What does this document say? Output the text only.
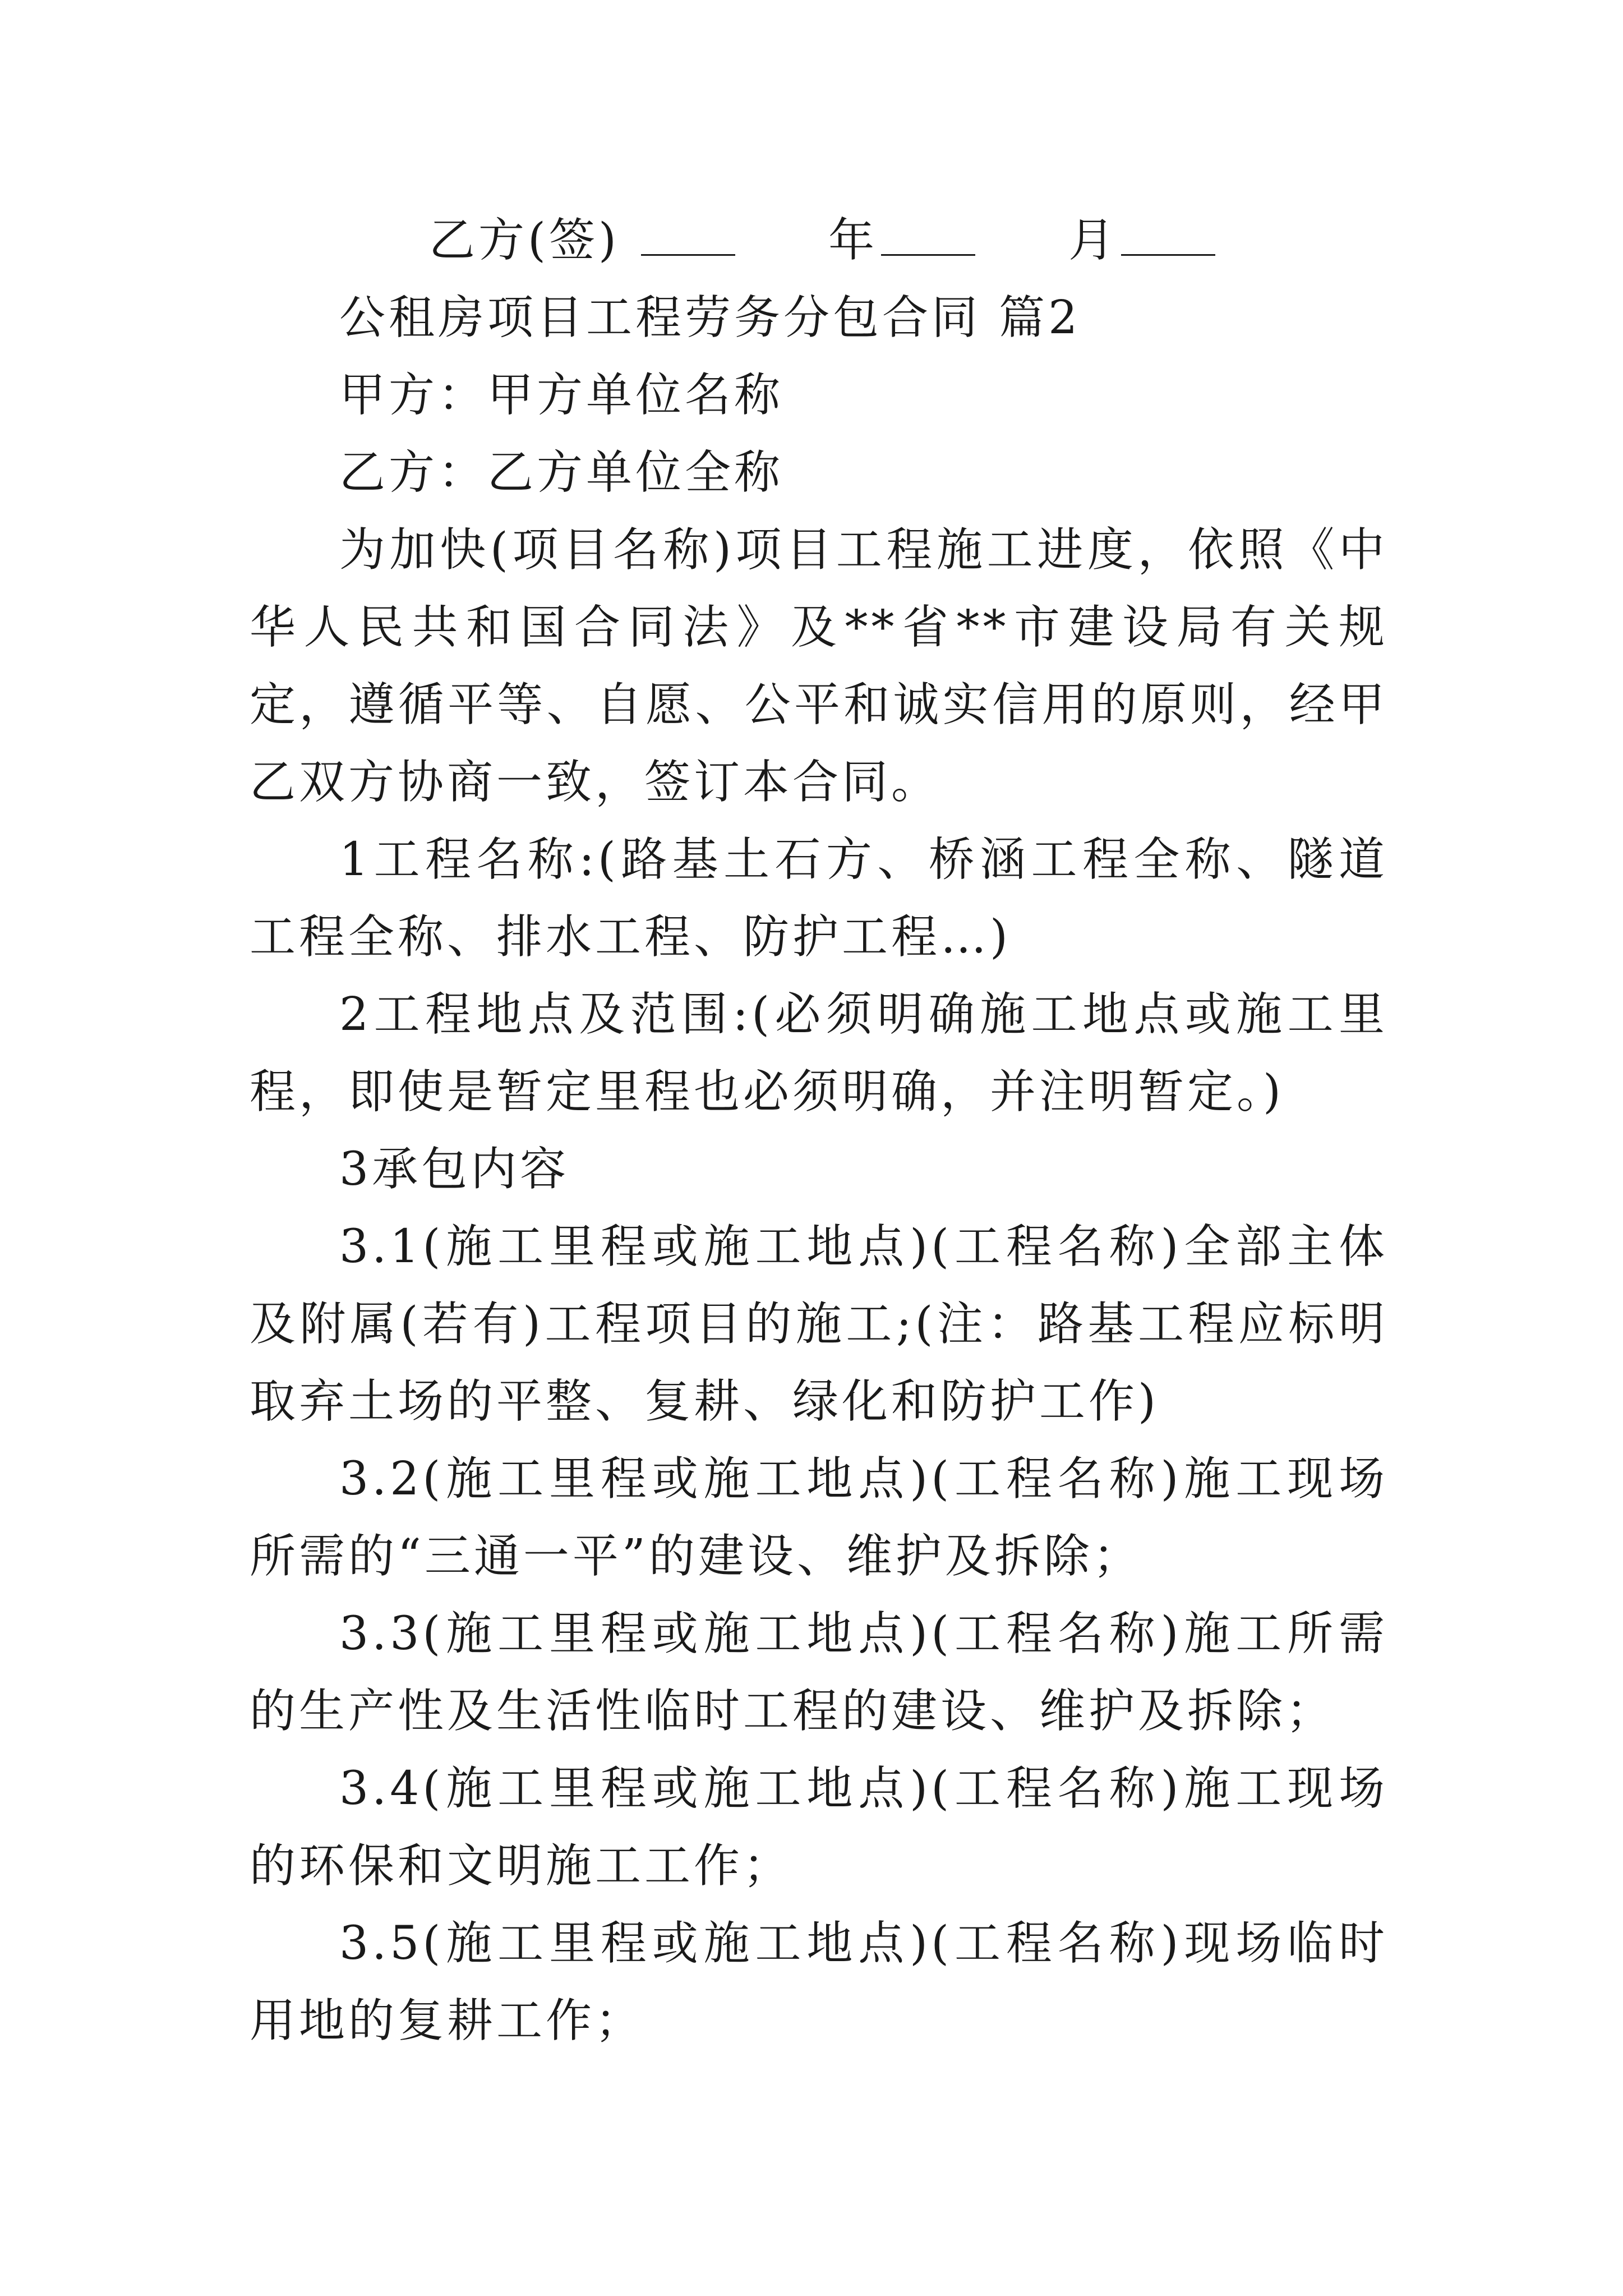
乙方(签)	年	月

公租房项目工程劳务分包合同 篇2

甲方：甲方单位名称

乙方：乙方单位全称

为加快(项目名称)项目工程施工进度，依照《中华人民共和国合同法》及**省**市建设局有关规定，遵循平等、自愿、公平和诚实信用的原则，经甲乙双方协商一致，签订本合同。

1工程名称:(路基土石方、桥涵工程全称、隧道工程全称、排水工程、防护工程…)

2工程地点及范围:(必须明确施工地点或施工里程，即使是暂定里程也必须明确，并注明暂定。)

3承包内容

3.1(施工里程或施工地点)(工程名称)全部主体及附属(若有)工程项目的施工;(注：路基工程应标明取弃土场的平整、复耕、绿化和防护工作)

3.2(施工里程或施工地点)(工程名称)施工现场所需的“三通一平”的建设、维护及拆除；

3.3(施工里程或施工地点)(工程名称)施工所需的生产性及生活性临时工程的建设、维护及拆除；

3.4(施工里程或施工地点)(工程名称)施工现场的环保和文明施工工作；

3.5(施工里程或施工地点)(工程名称)现场临时用地的复耕工作；
